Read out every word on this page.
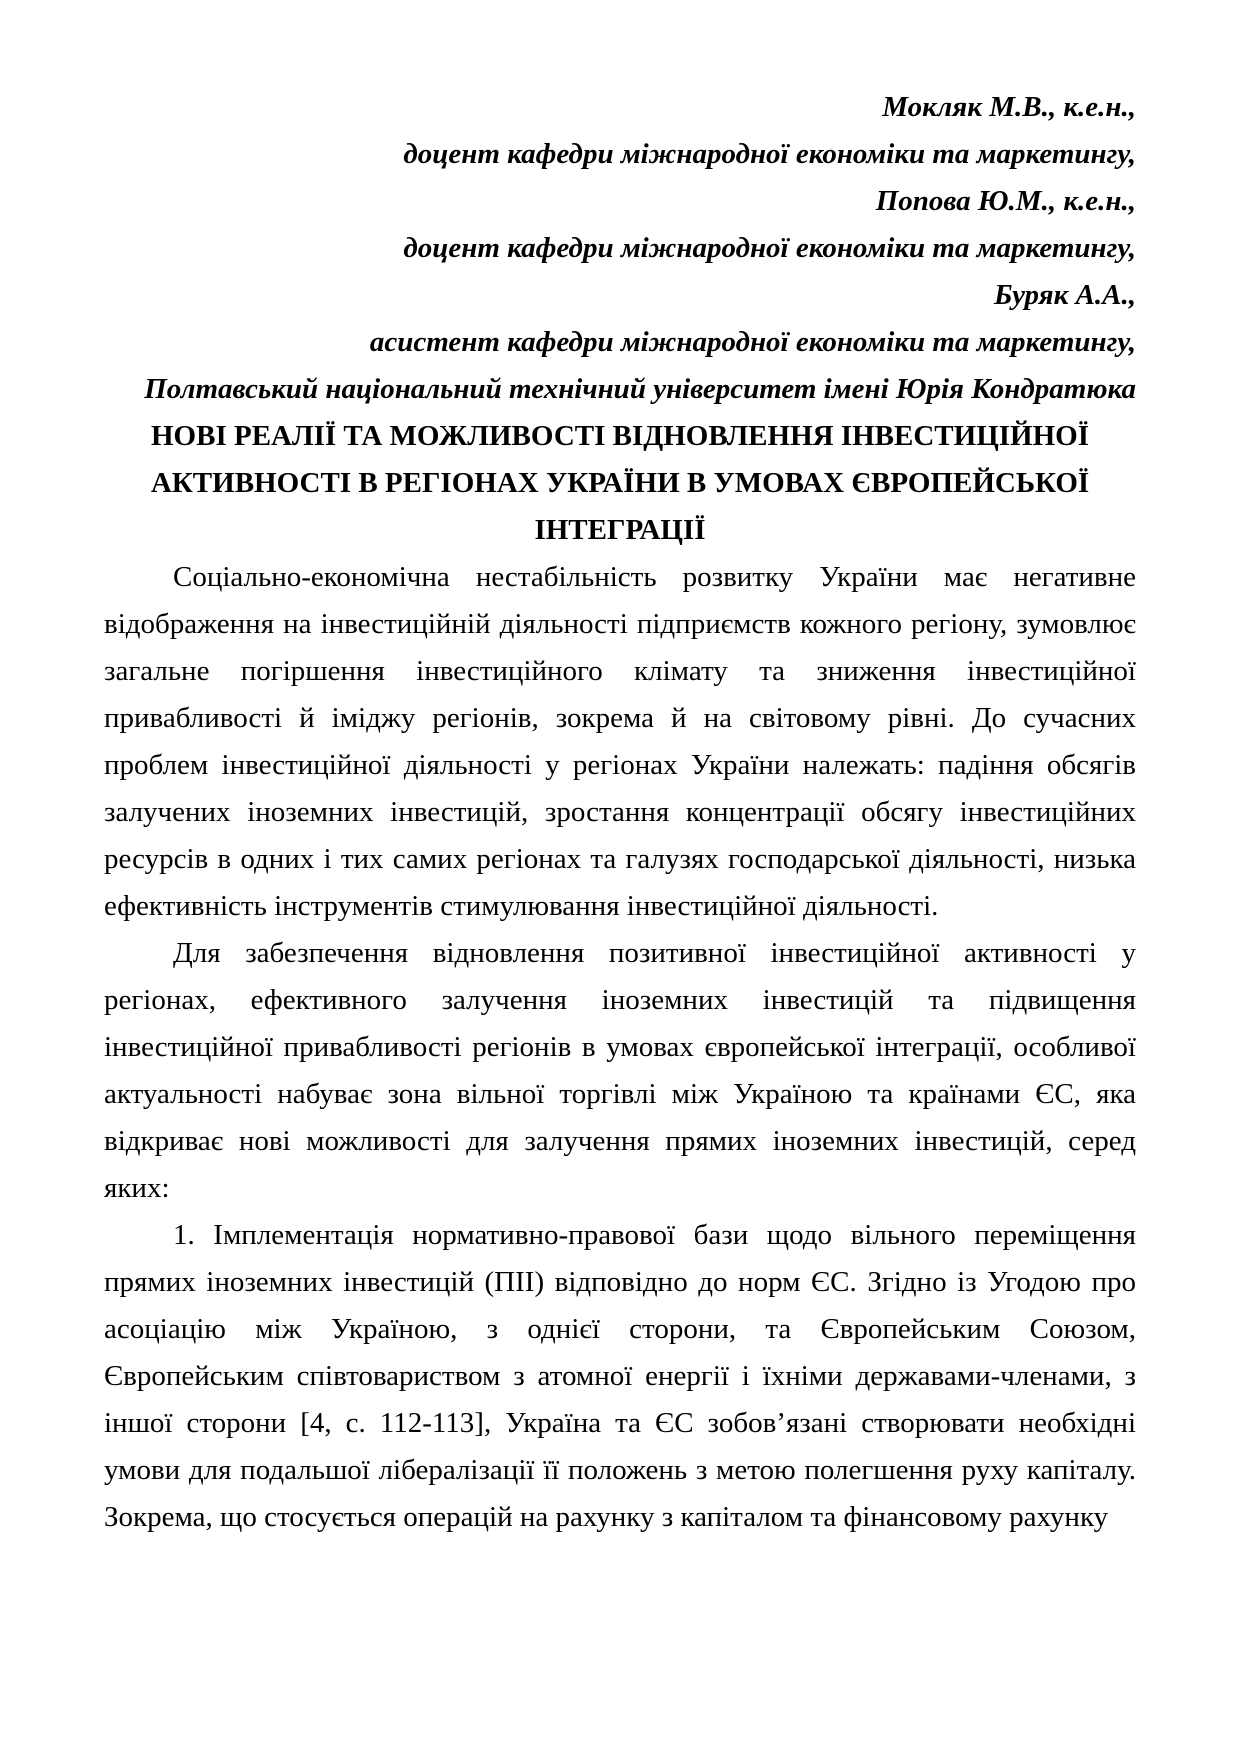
Мокляк М.В., к.е.н.,

доцент кафедри міжнародної економіки та маркетингу,

Попова Ю.М., к.е.н.,

доцент кафедри міжнародної економіки та маркетингу,

Буряк А.А.,

асистент кафедри міжнародної економіки та маркетингу,

Полтавський національний технічний університет імені Юрія Кондратюка

НОВІ РЕАЛІЇ ТА МОЖЛИВОСТІ ВІДНОВЛЕННЯ ІНВЕСТИЦІЙНОЇ АКТИВНОСТІ В РЕГІОНАХ УКРАЇНИ В УМОВАХ ЄВРОПЕЙСЬКОЇ ІНТЕГРАЦІЇ

Соціально-економічна нестабільність розвитку України має негативне відображення на інвестиційній діяльності підприємств кожного регіону, зумовлює загальне погіршення інвестиційного клімату та зниження інвестиційної привабливості й іміджу регіонів, зокрема й на світовому рівні. До сучасних проблем інвестиційної діяльності у регіонах України належать: падіння обсягів залучених іноземних інвестицій, зростання концентрації обсягу інвестиційних ресурсів в одних і тих самих регіонах та галузях господарської діяльності, низька ефективність інструментів стимулювання інвестиційної діяльності.

Для забезпечення відновлення позитивної інвестиційної активності у регіонах, ефективного залучення іноземних інвестицій та підвищення інвестиційної привабливості регіонів в умовах європейської інтеграції, особливої актуальності набуває зона вільної торгівлі між Україною та країнами ЄС, яка відкриває нові можливості для залучення прямих іноземних інвестицій, серед яких:

1. Імплементація нормативно-правової бази щодо вільного переміщення прямих іноземних інвестицій (ПІІ) відповідно до норм ЄС. Згідно із Угодою про асоціацію між Україною, з однієї сторони, та Європейським Союзом, Європейським співтовариством з атомної енергії і їхніми державами-членами, з іншої сторони [4, с. 112-113], Україна та ЄС зобов’язані створювати необхідні умови для подальшої лібералізації її положень з метою полегшення руху капіталу. Зокрема, що стосується операцій на рахунку з капіталом та фінансовому рахунку
